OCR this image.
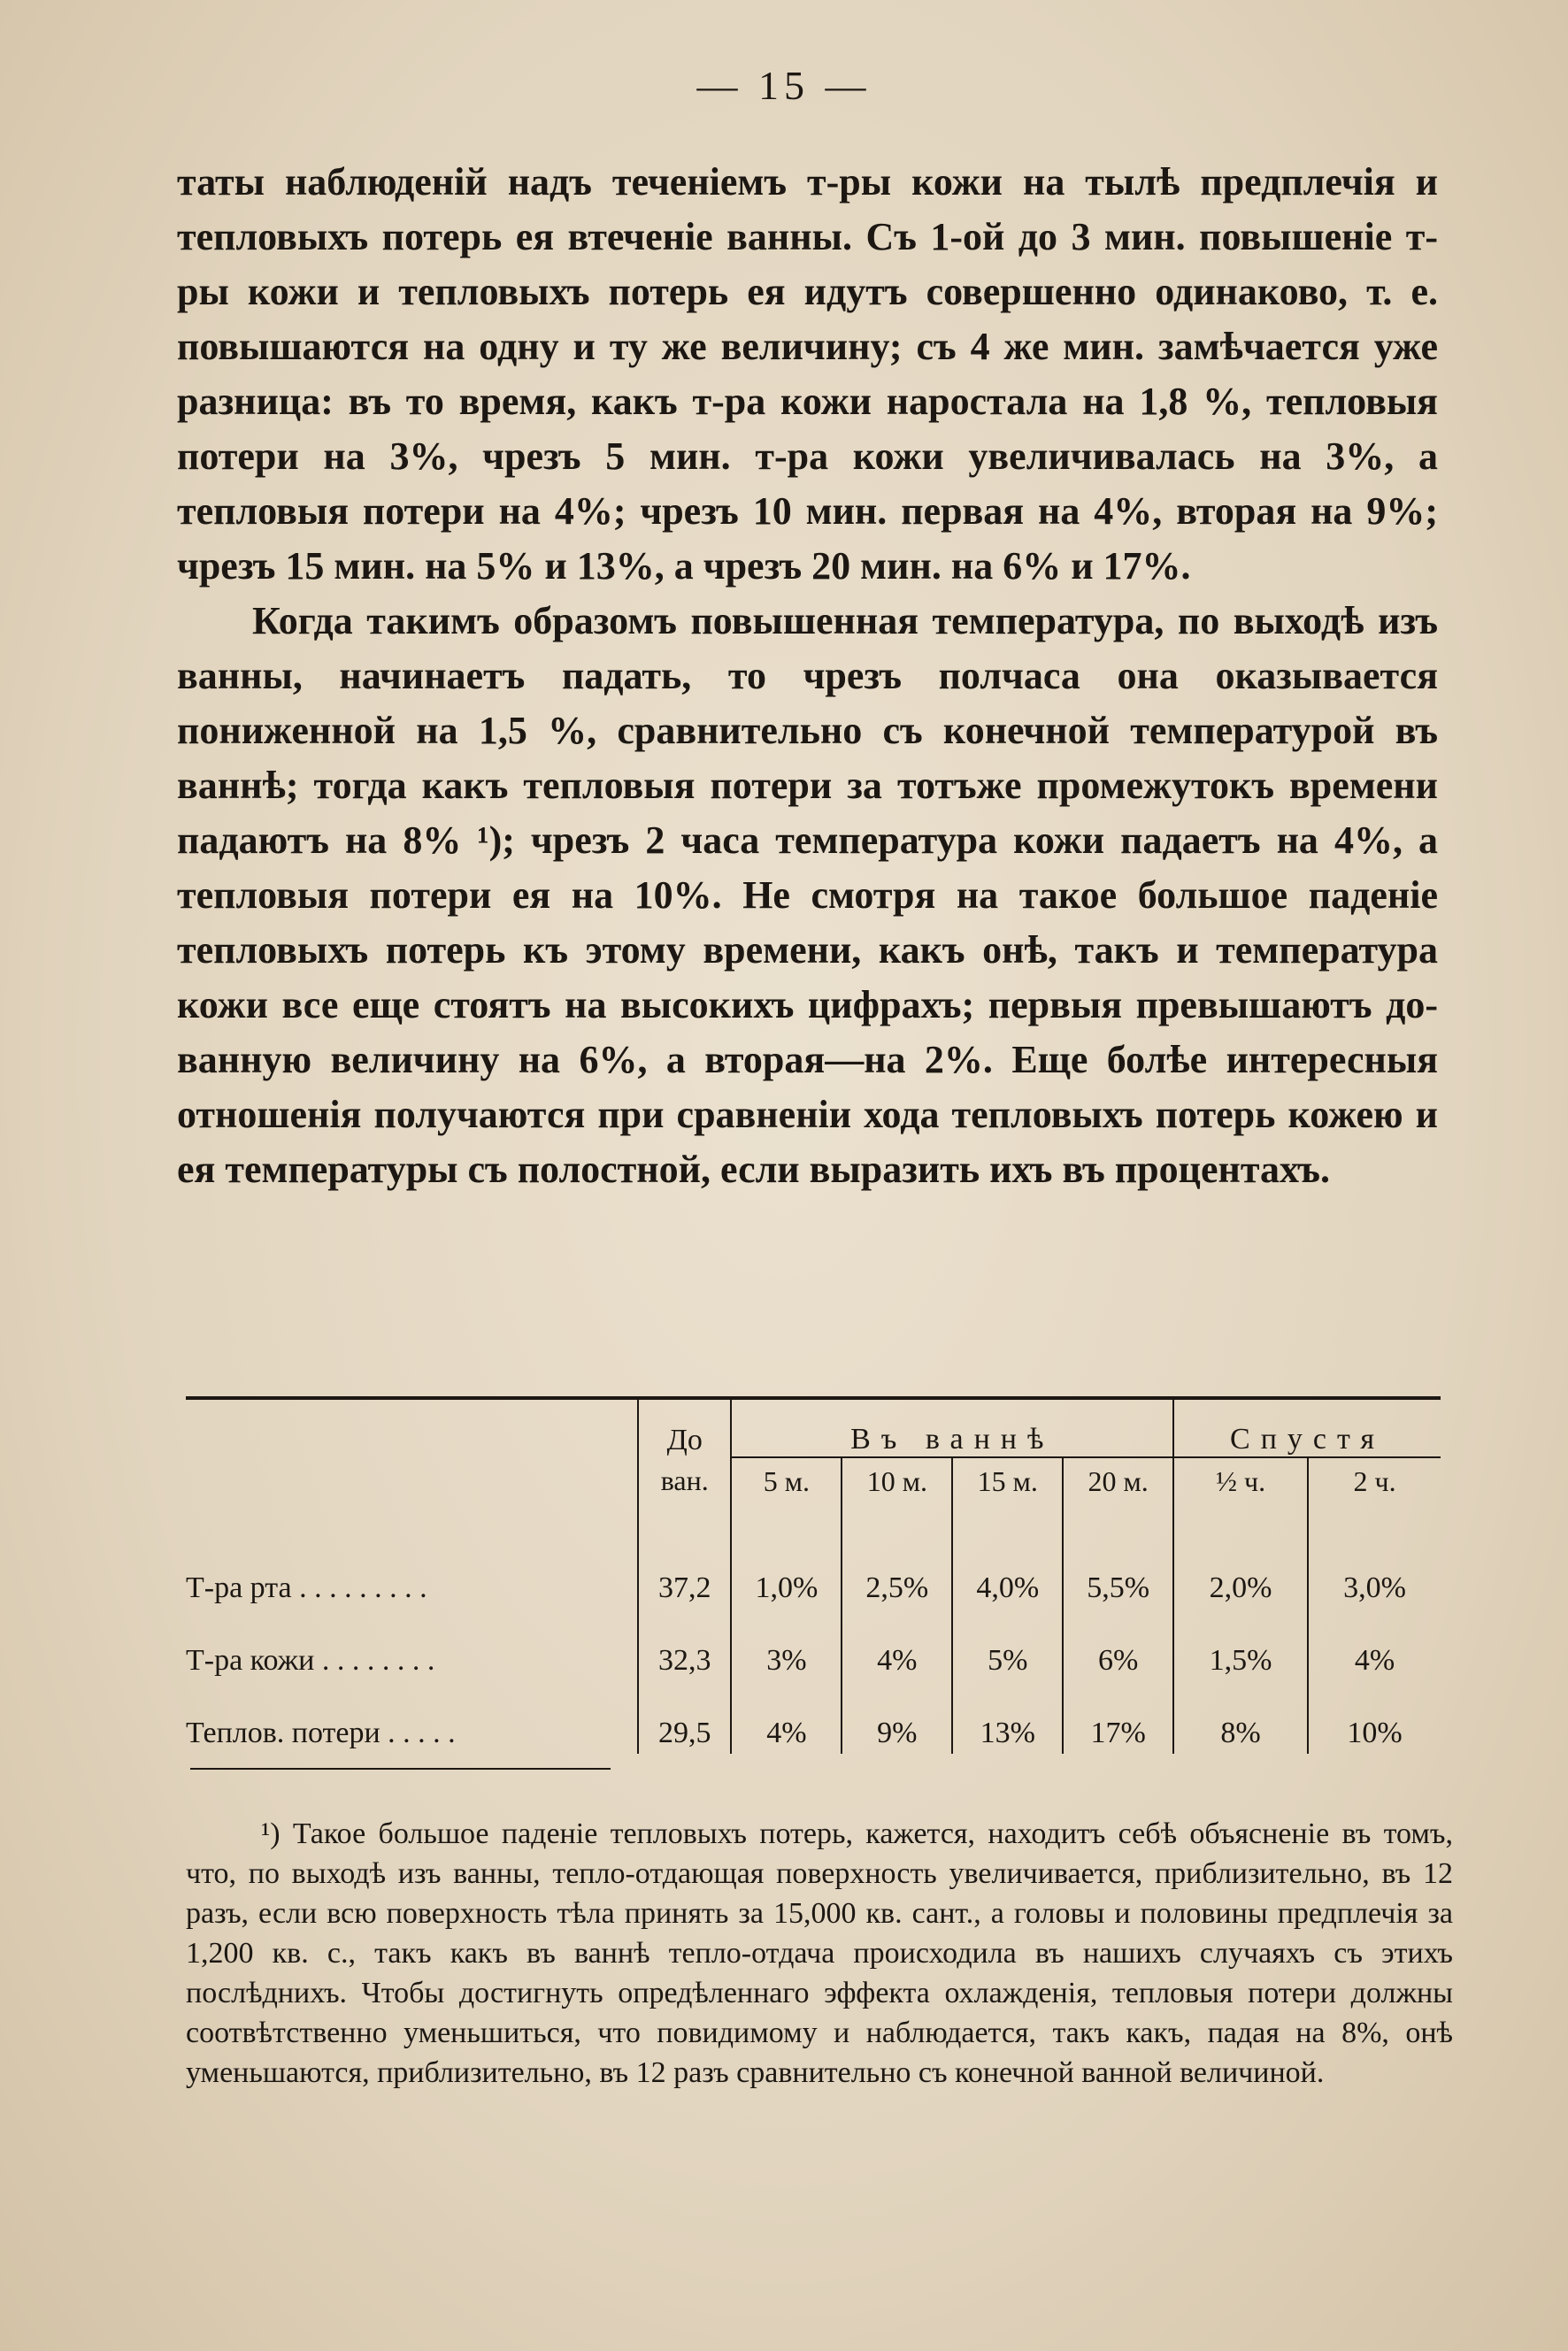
— 15 —

таты наблюденiй надъ теченiемъ т-ры кожи на тылѣ предплечiя и тепловыхъ потерь ея втеченiе ванны. Съ 1-ой до 3 мин. повышенiе т-ры кожи и тепловыхъ потерь ея идутъ совершенно одинаково, т. е. повышаются на одну и ту же величину; съ 4 же мин. замѣчается уже разница: въ то время, какъ т-ра кожи наростала на 1,8 %, тепловыя потери на 3%, чрезъ 5 мин. т-ра кожи увеличивалась на 3%, а тепловыя потери на 4%; чрезъ 10 мин. первая на 4%, вторая на 9%; чрезъ 15 мин. на 5% и 13%, а чрезъ 20 мин. на 6% и 17%.

Когда такимъ образомъ повышенная температура, по выходѣ изъ ванны, начинаетъ падать, то чрезъ полчаса она оказывается пониженной на 1,5 %, сравнительно съ конечной температурой въ ваннѣ; тогда какъ тепловыя потери за тотъже промежутокъ времени падаютъ на 8% ¹); чрезъ 2 часа температура кожи падаетъ на 4%, а тепловыя потери ея на 10%. Не смотря на такое большое паденiе тепловыхъ потерь къ этому времени, какъ онѣ, такъ и температура кожи все еще стоятъ на высокихъ цифрахъ; первыя превышаютъ до-ванную величину на 6%, а вторая—на 2%. Еще болѣе интересныя отношенiя получаются при сравненiи хода тепловыхъ потерь кожею и ея температуры съ полостной, если выразить ихъ въ процентахъ.

	До	Въ ваннѣ				Спустя	
	ван.	5 м.	10 м.	15 м.	20 м.	½ ч.	2 ч.

Т-ра рта . . . . . . . . .	37,2	1,0%	2,5%	4,0%	5,5%	2,0%	3,0%
Т-ра кожи . . . . . . . .	32,3	3%	4%	5%	6%	1,5%	4%
Теплов. потери . . . . .	29,5	4%	9%	13%	17%	8%	10%

¹) Такое большое паденiе тепловыхъ потерь, кажется, находитъ себѣ объясненiе въ томъ, что, по выходѣ изъ ванны, тепло-отдающая поверхность увеличивается, приблизительно, въ 12 разъ, если всю поверхность тѣла принять за 15,000 кв. сант., а головы и половины предплечiя за 1,200 кв. с., такъ какъ въ ваннѣ тепло-отдача происходила въ нашихъ случаяхъ съ этихъ послѣднихъ. Чтобы достигнуть опредѣленнаго эффекта охлажденiя, тепловыя потери должны соотвѣтственно уменьшиться, что повидимому и наблюдается, такъ какъ, падая на 8%, онѣ уменьшаются, приблизительно, въ 12 разъ сравнительно съ конечной ванной величиной.
